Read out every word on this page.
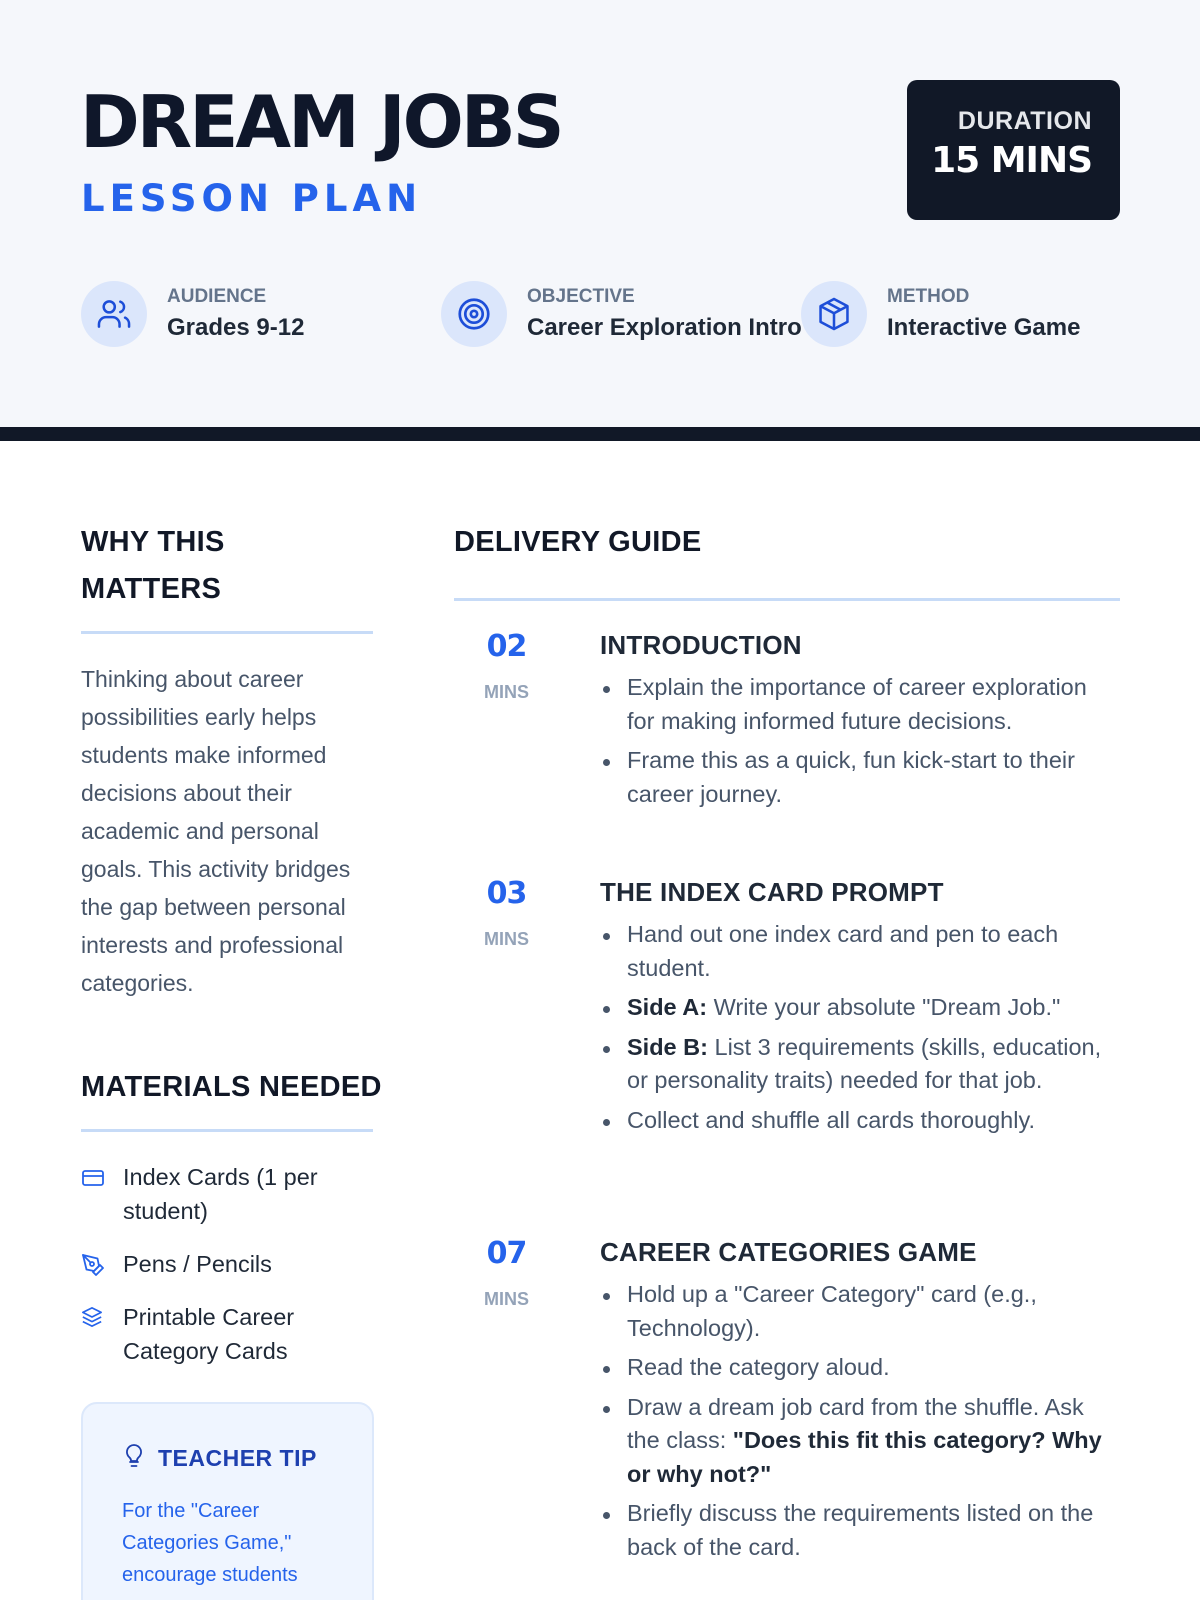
DREAM JOBS
LESSON PLAN
DURATION
15 MINS
AUDIENCE
Grades 9-12
OBJECTIVE
Career Exploration Intro
METHOD
Interactive Game
WHY THIS MATTERS

Thinking about career possibilities early helps students make informed decisions about their academic and personal goals. This activity bridges the gap between personal interests and professional categories.

MATERIALS NEEDED
Index Cards (1 per student)
Pens / Pencils
Printable Career Category Cards
TEACHER TIP

For the "Career Categories Game," encourage students

DELIVERY GUIDE
02
MINS
INTRODUCTION
Explain the importance of career exploration for making informed future decisions.
Frame this as a quick, fun kick-start to their career journey.
03
MINS
THE INDEX CARD PROMPT
Hand out one index card and pen to each student.
Side A: Write your absolute "Dream Job."
Side B: List 3 requirements (skills, education, or personality traits) needed for that job.
Collect and shuffle all cards thoroughly.
07
MINS
CAREER CATEGORIES GAME
Hold up a "Career Category" card (e.g., Technology).
Read the category aloud.
Draw a dream job card from the shuffle. Ask the class: "Does this fit this category? Why or why not?"
Briefly discuss the requirements listed on the back of the card.
